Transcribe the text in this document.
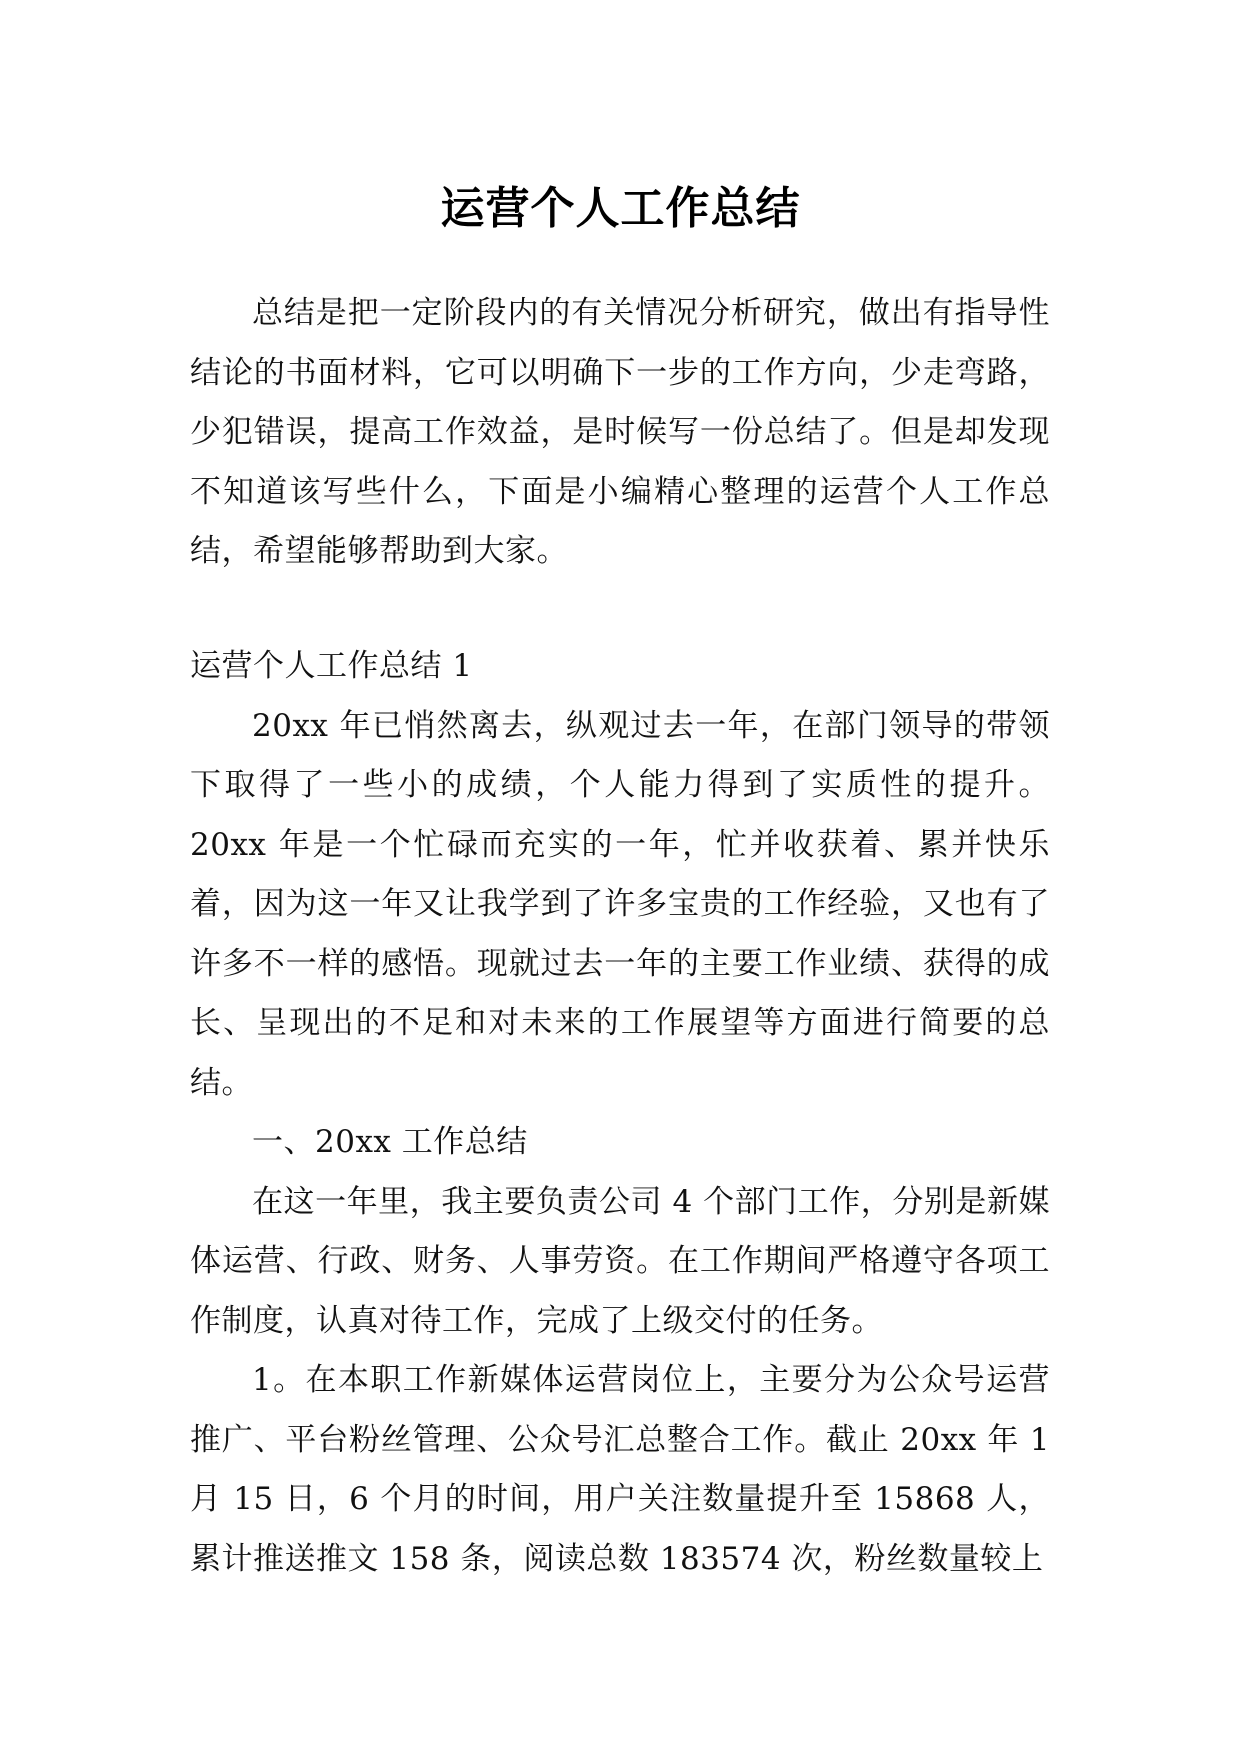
运营个人工作总结

总结是把一定阶段内的有关情况分析研究，做出有指导性结论的书面材料，它可以明确下一步的工作方向，少走弯路，少犯错误，提高工作效益，是时候写一份总结了。但是却发现不知道该写些什么，下面是小编精心整理的运营个人工作总结，希望能够帮助到大家。

运营个人工作总结 1

20xx 年已悄然离去，纵观过去一年，在部门领导的带领下取得了一些小的成绩，个人能力得到了实质性的提升。20xx 年是一个忙碌而充实的一年，忙并收获着、累并快乐着，因为这一年又让我学到了许多宝贵的工作经验，又也有了许多不一样的感悟。现就过去一年的主要工作业绩、获得的成长、呈现出的不足和对未来的工作展望等方面进行简要的总结。

一、20xx 工作总结

在这一年里，我主要负责公司 4 个部门工作，分别是新媒体运营、行政、财务、人事劳资。在工作期间严格遵守各项工作制度，认真对待工作，完成了上级交付的任务。

1。在本职工作新媒体运营岗位上，主要分为公众号运营推广、平台粉丝管理、公众号汇总整合工作。截止 20xx 年 1 月 15 日，6 个月的时间，用户关注数量提升至 15868 人，累计推送推文 158 条，阅读总数 183574 次，粉丝数量较上
